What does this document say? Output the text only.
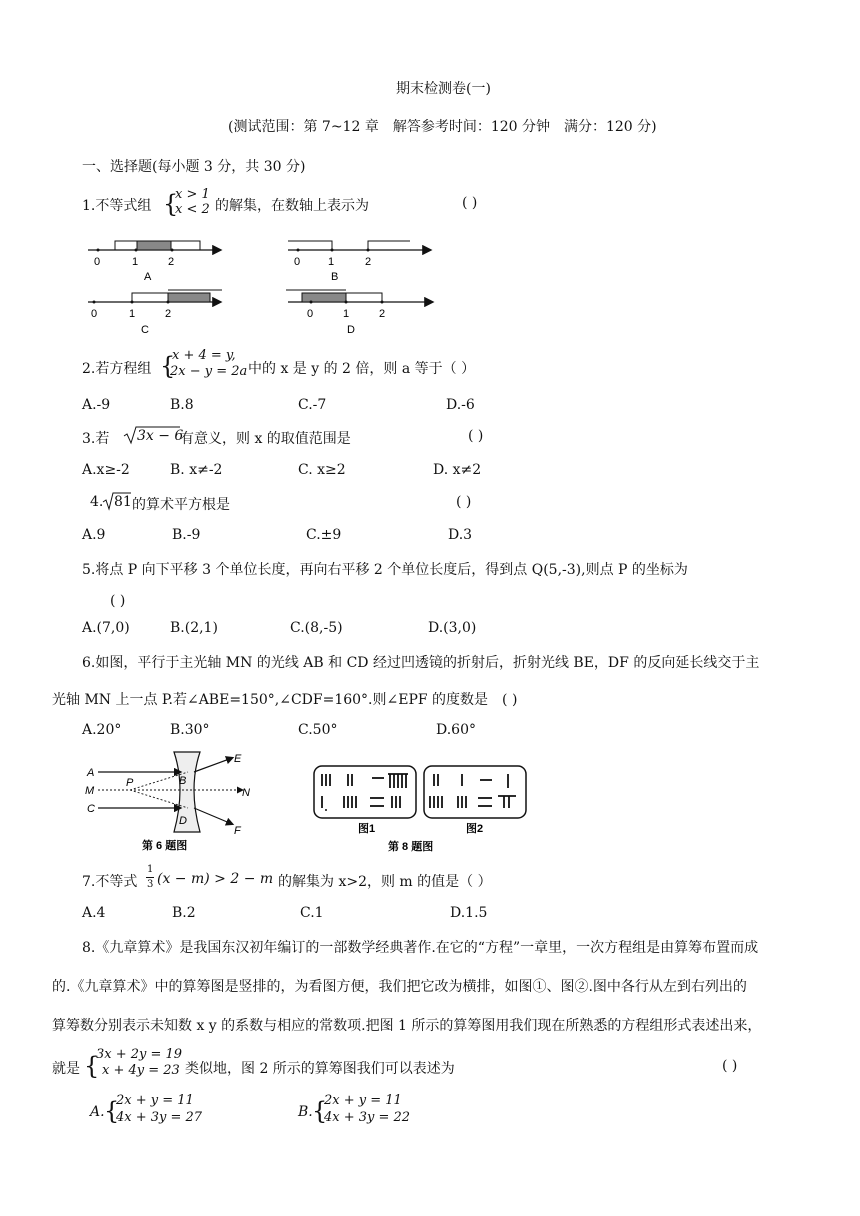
期末检测卷(一)
(测试范围：第 7~12 章　解答参考时间：120 分钟　满分：120 分)
一、选择题(每小题 3 分，共 30 分)
1.不等式组 {
x > 1
x < 2 的解集，在数轴上表示为	( )
0	1	2
A
0	1	2
B
0	1	2
C
0	1	2
D
2.若方程组 {
x + 4 = y,
2x − y = 2a 中的 x 是 y 的 2 倍，则 a 等于（ ）
A.-9	B.8	C.-7	D.-6
3.若 3x − 6
有意义，则 x 的取值范围是	( )
A.x≥-2	B. x≠-2	C. x≥2	D. x≠2
4. 81 的算术平方根是	( )
A.9	B.-9	C.±9	D.3
5.将点 P 向下平移 3 个单位长度，再向右平移 2 个单位长度后，得到点 Q(5,-3),则点 P 的坐标为
( )
A.(7,0)	B.(2,1)	C.(8,-5)	D.(3,0)
6.如图，平行于主光轴 MN 的光线 AB 和 CD 经过凹透镜的折射后，折射光线 BE，DF 的反向延长线交于主
光轴 MN 上一点 P.若∠ABE=150°,∠CDF=160°.则∠EPF 的度数是　( )
A.20°	B.30°	C.50°	D.60°
A
M
C
P	B
D
E
N
F
第 6 题图
图1	图2
第 8 题图
7.不等式
1
3 (x − m) > 2 − m 的解集为 x>2，则 m 的值是（ ）
A.4	B.2	C.1	D.1.5
8.《九章算术》是我国东汉初年编订的一部数学经典著作.在它的“方程”一章里，一次方程组是由算筹布置而成
的.《九章算术》中的算筹图是竖排的，为看图方便，我们把它改为横排，如图①、图②.图中各行从左到右列出的
算筹数分别表示未知数 x y 的系数与相应的常数项.把图 1 所示的算筹图用我们现在所熟悉的方程组形式表述出来，
就是 {
3x + 2y = 19
x + 4y = 23 类似地，图 2 所示的算筹图我们可以表述为	( )
A. {
2x + y = 11
4x + 3y = 27	B. {
2x + y = 11
4x + 3y = 22
